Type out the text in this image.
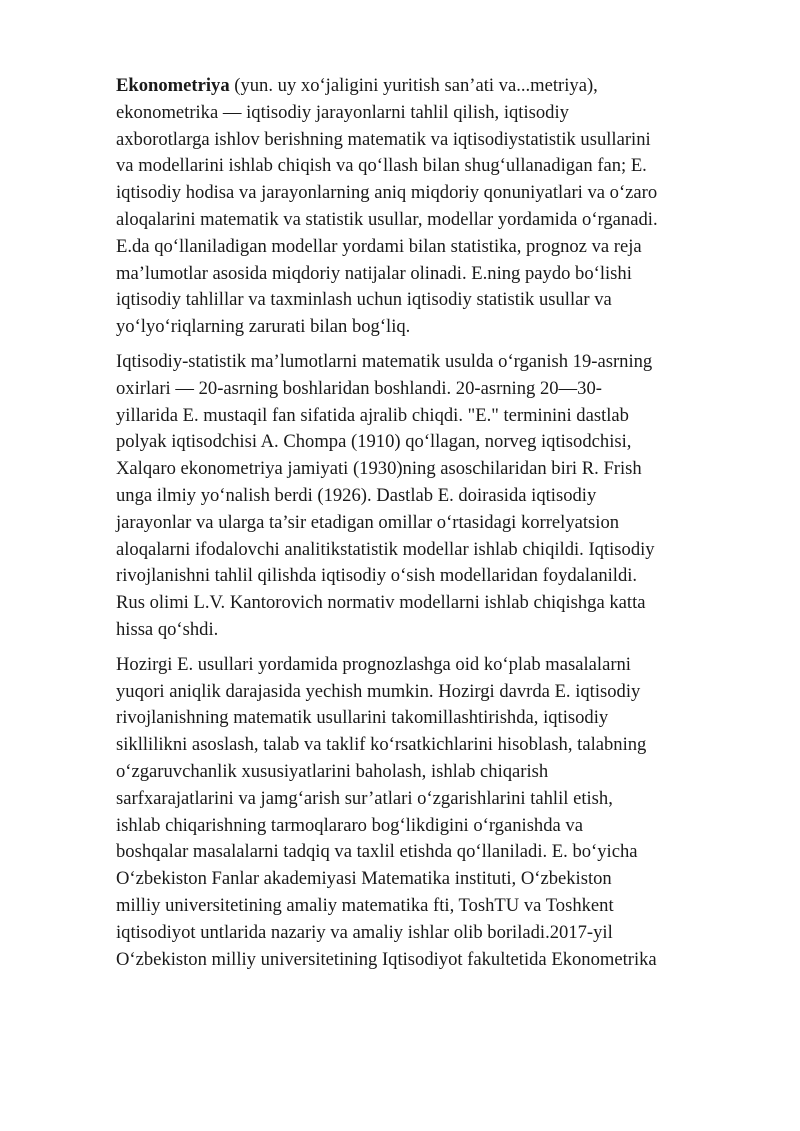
Ekonometriya (yun. uy xo‘jaligini yuritish san’ati va...metriya),
ekonometrika — iqtisodiy jarayonlarni tahlil qilish, iqtisodiy
axborotlarga ishlov berishning matematik va iqtisodiystatistik usullarini
va modellarini ishlab chiqish va qo‘llash bilan shug‘ullanadigan fan; E.
iqtisodiy hodisa va jarayonlarning aniq miqdoriy qonuniyatlari va o‘zaro
aloqalarini matematik va statistik usullar, modellar yordamida o‘rganadi.
E.da qo‘llaniladigan modellar yordami bilan statistika, prognoz va reja
ma’lumotlar asosida miqdoriy natijalar olinadi. E.ning paydo bo‘lishi
iqtisodiy tahlillar va taxminlash uchun iqtisodiy statistik usullar va
yo‘lyo‘riqlarning zarurati bilan bog‘liq.

Iqtisodiy-statistik ma’lumotlarni matematik usulda o‘rganish 19-asrning
oxirlari — 20-asrning boshlaridan boshlandi. 20-asrning 20—30-
yillarida E. mustaqil fan sifatida ajralib chiqdi. "E." terminini dastlab
polyak iqtisodchisi A. Chompa (1910) qo‘llagan, norveg iqtisodchisi,
Xalqaro ekonometriya jamiyati (1930)ning asoschilaridan biri R. Frish
unga ilmiy yo‘nalish berdi (1926). Dastlab E. doirasida iqtisodiy
jarayonlar va ularga ta’sir etadigan omillar o‘rtasidagi korrelyatsion
aloqalarni ifodalovchi analitikstatistik modellar ishlab chiqildi. Iqtisodiy
rivojlanishni tahlil qilishda iqtisodiy o‘sish modellaridan foydalanildi.
Rus olimi L.V. Kantorovich normativ modellarni ishlab chiqishga katta
hissa qo‘shdi.

Hozirgi E. usullari yordamida prognozlashga oid ko‘plab masalalarni
yuqori aniqlik darajasida yechish mumkin. Hozirgi davrda E. iqtisodiy
rivojlanishning matematik usullarini takomillashtirishda, iqtisodiy
sikllilikni asoslash, talab va taklif ko‘rsatkichlarini hisoblash, talabning
o‘zgaruvchanlik xususiyatlarini baholash, ishlab chiqarish
sarfxarajatlarini va jamg‘arish sur’atlari o‘zgarishlarini tahlil etish,
ishlab chiqarishning tarmoqlararo bog‘likdigini o‘rganishda va
boshqalar masalalarni tadqiq va taxlil etishda qo‘llaniladi. E. bo‘yicha
O‘zbekiston Fanlar akademiyasi Matematika instituti, O‘zbekiston
milliy universitetining amaliy matematika fti, ToshTU va Toshkent
iqtisodiyot untlarida nazariy va amaliy ishlar olib boriladi.2017-yil
O‘zbekiston milliy universitetining Iqtisodiyot fakultetida Ekonometrika
